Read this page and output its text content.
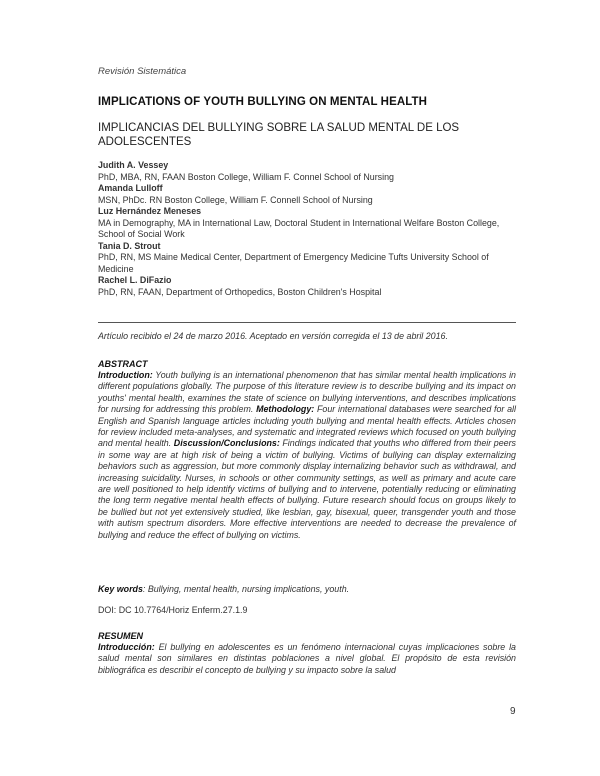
Revisión Sistemática
IMPLICATIONS OF YOUTH BULLYING ON MENTAL HEALTH
IMPLICANCIAS DEL BULLYING SOBRE LA SALUD MENTAL DE LOS ADOLESCENTES
Judith A. Vessey
PhD, MBA, RN, FAAN Boston College, William F. Connel School of Nursing
Amanda Lulloff
MSN, PhDc. RN Boston College, William F. Connell School of Nursing
Luz Hernández Meneses
MA in Demography, MA in International Law, Doctoral Student in International Welfare Boston College, School of Social Work
Tania D. Strout
PhD, RN, MS Maine Medical Center, Department of Emergency Medicine Tufts University School of Medicine
Rachel L. DiFazio
PhD, RN, FAAN, Department of Orthopedics, Boston Children's Hospital
Artículo recibido el 24 de marzo 2016. Aceptado en versión corregida el 13 de abril 2016.
ABSTRACT
Introduction: Youth bullying is an international phenomenon that has similar mental health implications in different populations globally. The purpose of this literature review is to describe bullying and its impact on youths' mental health, examines the state of science on bullying interventions, and describes implications for nursing for addressing this problem. Methodology: Four international databases were searched for all English and Spanish language articles including youth bullying and mental health effects. Articles chosen for review included meta-analyses, and systematic and integrated reviews which focused on youth bullying and mental health. Discussion/Conclusions: Findings indicated that youths who differed from their peers in some way are at high risk of being a victim of bullying. Victims of bullying can display externalizing behaviors such as aggression, but more commonly display internalizing behavior such as withdrawal, and increasing suicidality. Nurses, in schools or other community settings, as well as primary and acute care are well positioned to help identify victims of bullying and to intervene, potentially reducing or eliminating the long term negative mental health effects of bullying. Future research should focus on groups likely to be bullied but not yet extensively studied, like lesbian, gay, bisexual, queer, transgender youth and those with autism spectrum disorders. More effective interventions are needed to decrease the prevalence of bullying and reduce the effect of bullying on victims.
Key words: Bullying, mental health, nursing implications, youth.
DOI: DC 10.7764/Horiz Enferm.27.1.9
RESUMEN
Introducción: El bullying en adolescentes es un fenómeno internacional cuyas implicaciones sobre la salud mental son similares en distintas poblaciones a nivel global. El propósito de esta revisión bibliográfica es describir el concepto de bullying y su impacto sobre la salud
9
